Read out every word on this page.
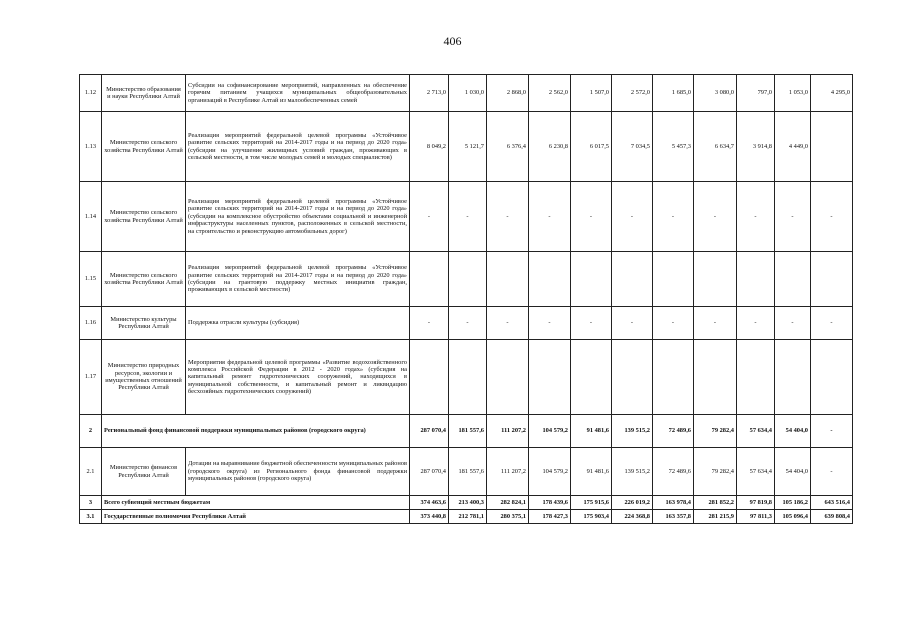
406
1.12	Министерство образования и науки Республики Алтай	Субсидии на софинансирование мероприятий, направленных на обеспечение горячим питанием учащихся муниципальных общеобразовательных организаций в Республике Алтай из малообеспеченных семей	2 713,0	1 030,0	2 868,0	2 562,0	1 507,0	2 572,0	1 685,0	3 080,0	797,0	1 053,0	4 295,0
1.13	Министерство сельского хозяйства Республики Алтай	Реализация мероприятий федеральной целевой программы «Устойчивое развитие сельских территорий на 2014-2017 годы и на период до 2020 года» (субсидии на улучшение жилищных условий граждан, проживающих в сельской местности, в том числе молодых семей и молодых специалистов)	8 049,2	5 121,7	6 376,4	6 230,8	6 017,5	7 034,5	5 457,3	6 634,7	3 914,8	4 449,0	
1.14	Министерство сельского хозяйства Республики Алтай	Реализация мероприятий федеральной целевой программы «Устойчивое развитие сельских территорий на 2014-2017 годы и на период до 2020 года» (субсидии на комплексное обустройство объектами социальной и инженерной инфраструктуры населенных пунктов, расположенных в сельской местности, на строительство и реконструкцию автомобильных дорог)	-	-	-	-	-	-	-	-	-	-	-
1.15	Министерство сельского хозяйства Республики Алтай	Реализация мероприятий федеральной целевой программы «Устойчивое развитие сельских территорий на 2014-2017 годы и на период до 2020 года» (субсидии на грантовую поддержку местных инициатив граждан, проживающих в сельской местности)											
1.16	Министерство культуры Республики Алтай	Поддержка отрасли культуры (субсидия)	-	-	-	-	-	-	-	-	-	-	-
1.17	Министерство природных ресурсов, экологии и имущественных отношений Республики Алтай	Мероприятия федеральной целевой программы «Развитие водохозяйственного комплекса Российской Федерации в 2012 - 2020 годах» (субсидия на капитальный ремонт гидротехнических сооружений, находящихся в муниципальной собственности, и капитальный ремонт и ликвидацию бесхозяйных гидротехнических сооружений)											
2	Региональный фонд финансовой поддержки муниципальных районов (городского округа)		287 070,4	181 557,6	111 207,2	104 579,2	91 481,6	139 515,2	72 489,6	79 282,4	57 634,4	54 404,0	-
2.1	Министерство финансов Республики Алтай	Дотации на выравнивание бюджетной обеспеченности муниципальных районов (городского округа) из Регионального фонда финансовой поддержки муниципальных районов (городского округа)	287 070,4	181 557,6	111 207,2	104 579,2	91 481,6	139 515,2	72 489,6	79 282,4	57 634,4	54 404,0	-
3	Всего субвенций местным бюджетам		374 463,6	213 400,3	282 824,1	178 439,6	175 915,6	226 019,2	163 978,4	281 852,2	97 819,8	105 186,2	643 516,4
3.1	Государственные полномочия Республики Алтай		373 440,8	212 781,1	280 375,1	178 427,3	175 903,4	224 368,8	163 357,8	281 215,9	97 811,3	105 096,4	639 808,4
